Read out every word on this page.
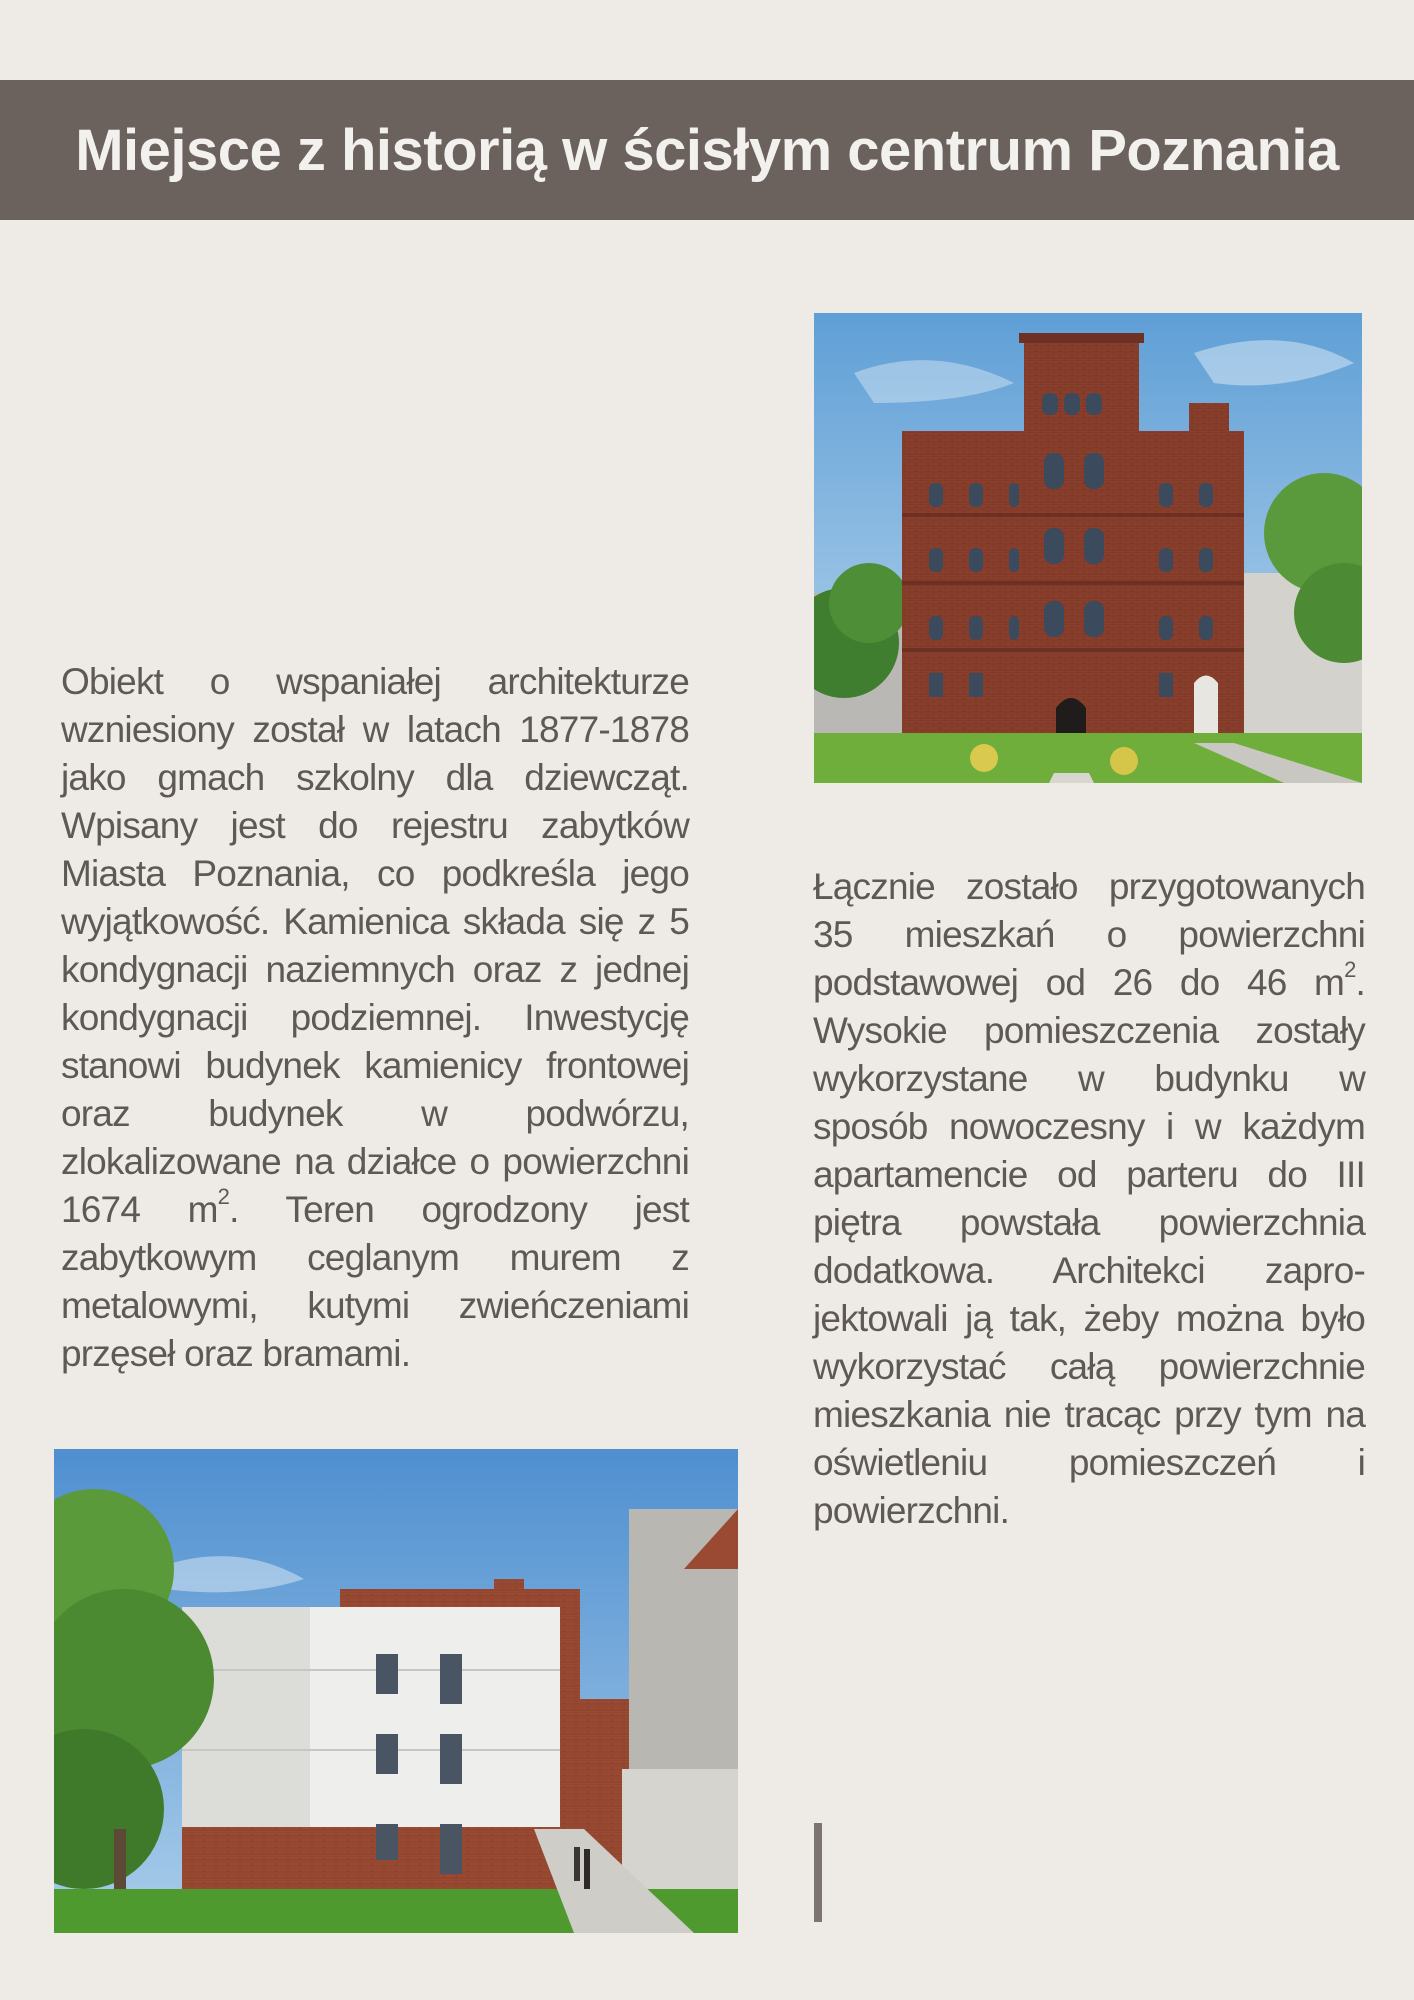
Miejsce z historią w ścisłym centrum Poznania
Obiekt o wspaniałej architekturze wzniesiony został w latach 1877-1878 jako gmach szkolny dla dziewcząt. Wpisany jest do rejestru zabytków Miasta Poznania, co podkreśla jego wyjątkowość. Kamienica składa się z 5 kondygnacji naziemnych oraz z jednej kondygnacji podziemnej. Inwestycję stanowi budynek kamienicy frontowej oraz budynek w podwórzu, zlokalizowane na działce o powierzchni 1674 $m^2$. Teren ogrodzony jest zabytkowym ceglanym murem z metalowymi, kutymi zwieńczeniami przęseł oraz bramami.
Łącznie zostało przygotowanych 35 mieszkań o powierzchni podstawowej od 26 do 46 $m^2$. Wysokie pomieszczenia zostały wykorzystane w budynku w sposób nowoczesny i w każdym apartamencie od parteru do III piętra powstała powierzchnia dodatkowa. Architekci zapro-jektowali ją tak, żeby można było wykorzystać całą powierzchnie mieszkania nie tracąc przy tym na oświetleniu pomieszczeń i powierzchni.
